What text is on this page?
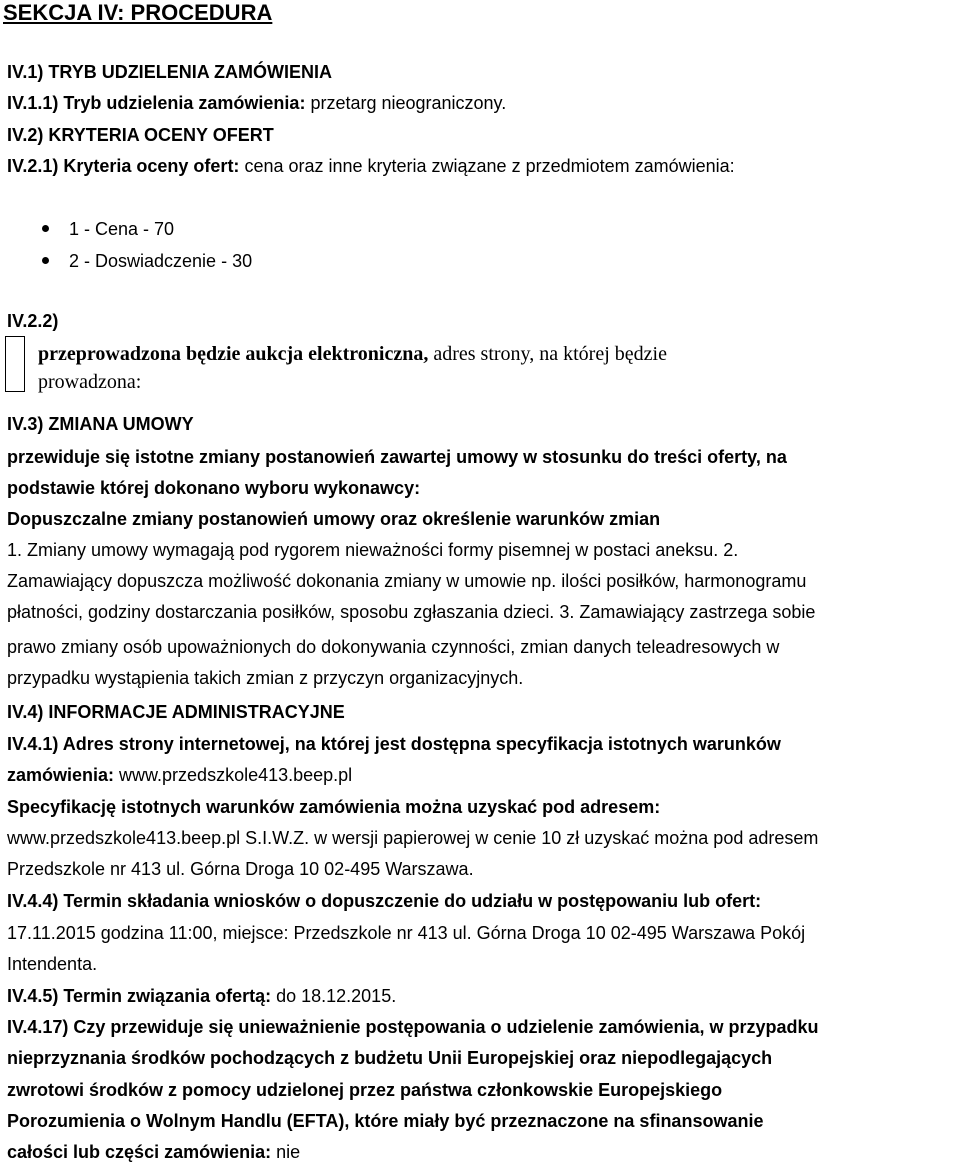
SEKCJA IV: PROCEDURA
IV.1) TRYB UDZIELENIA ZAMÓWIENIA
IV.1.1) Tryb udzielenia zamówienia: przetarg nieograniczony.
IV.2) KRYTERIA OCENY OFERT
IV.2.1) Kryteria oceny ofert: cena oraz inne kryteria związane z przedmiotem zamówienia:
1 - Cena - 70
2 - Doswiadczenie - 30
IV.2.2)
przeprowadzona będzie aukcja elektroniczna, adres strony, na której będzie
prowadzona:
IV.3) ZMIANA UMOWY
przewiduje się istotne zmiany postanowień zawartej umowy w stosunku do treści oferty, na
podstawie której dokonano wyboru wykonawcy:
Dopuszczalne zmiany postanowień umowy oraz określenie warunków zmian
1. Zmiany umowy wymagają pod rygorem nieważności formy pisemnej w postaci aneksu. 2.
Zamawiający dopuszcza możliwość dokonania zmiany w umowie np. ilości posiłków, harmonogramu
płatności, godziny dostarczania posiłków, sposobu zgłaszania dzieci. 3. Zamawiający zastrzega sobie
prawo zmiany osób upoważnionych do dokonywania czynności, zmian danych teleadresowych w
przypadku wystąpienia takich zmian z przyczyn organizacyjnych.
IV.4) INFORMACJE ADMINISTRACYJNE
IV.4.1) Adres strony internetowej, na której jest dostępna specyfikacja istotnych warunków
zamówienia: www.przedszkole413.beep.pl
Specyfikację istotnych warunków zamówienia można uzyskać pod adresem:
www.przedszkole413.beep.pl S.I.W.Z. w wersji papierowej w cenie 10 zł uzyskać można pod adresem
Przedszkole nr 413 ul. Górna Droga 10 02-495 Warszawa.
IV.4.4) Termin składania wniosków o dopuszczenie do udziału w postępowaniu lub ofert:
17.11.2015 godzina 11:00, miejsce: Przedszkole nr 413 ul. Górna Droga 10 02-495 Warszawa Pokój
Intendenta.
IV.4.5) Termin związania ofertą: do 18.12.2015.
IV.4.17) Czy przewiduje się unieważnienie postępowania o udzielenie zamówienia, w przypadku
nieprzyznania środków pochodzących z budżetu Unii Europejskiej oraz niepodlegających
zwrotowi środków z pomocy udzielonej przez państwa członkowskie Europejskiego
Porozumienia o Wolnym Handlu (EFTA), które miały być przeznaczone na sfinansowanie
całości lub części zamówienia: nie
